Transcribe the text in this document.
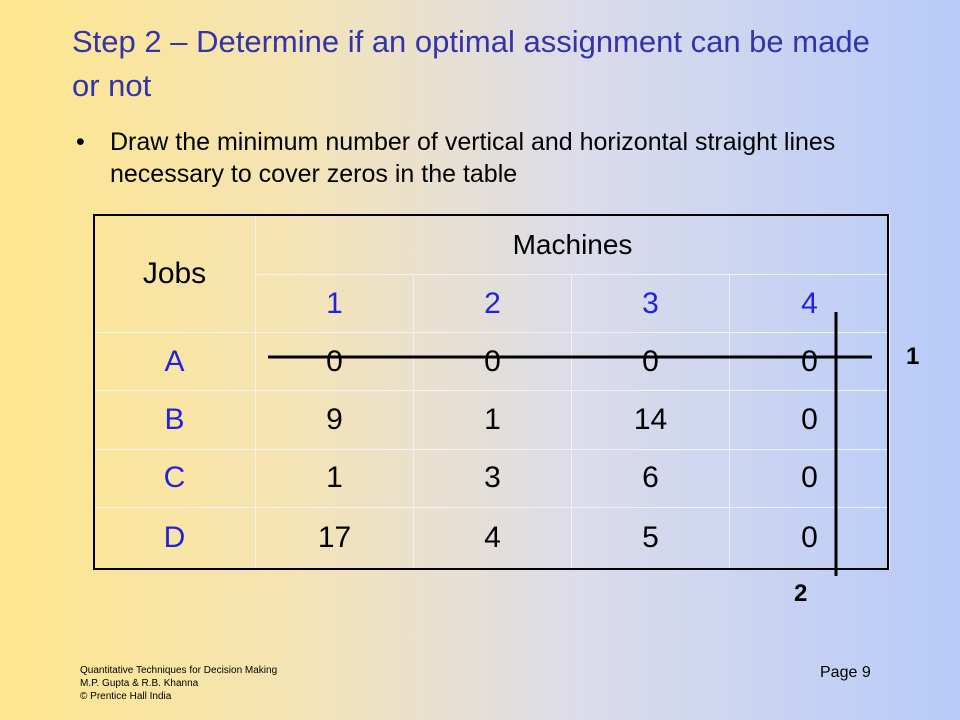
Step 2 – Determine if an optimal assignment can be made or not
• Draw the minimum number of vertical and horizontal straight lines necessary to cover zeros in the table
Jobs	Machines			
	1	2	3	4
A	0	0	0	0
B	9	1	14	0
C	1	3	6	0
D	17	4	5	0
1
2
Quantitative Techniques for Decision Making
M.P. Gupta & R.B. Khanna
© Prentice Hall India
Page 9
